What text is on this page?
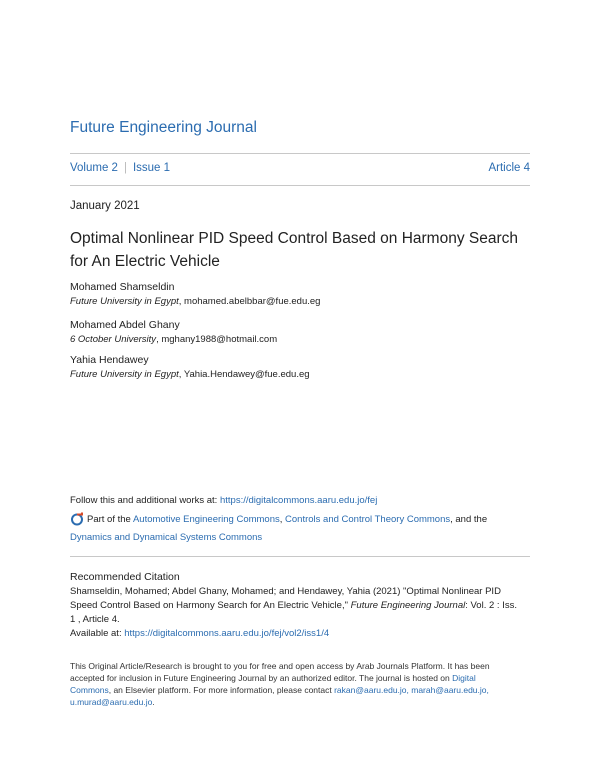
Future Engineering Journal
Volume 2 | Issue 1	Article 4
January 2021
Optimal Nonlinear PID Speed Control Based on Harmony Search
for An Electric Vehicle
Mohamed Shamseldin
Future University in Egypt, mohamed.abelbbar@fue.edu.eg
Mohamed Abdel Ghany
6 October University, mghany1988@hotmail.com
Yahia Hendawey
Future University in Egypt, Yahia.Hendawey@fue.edu.eg
Follow this and additional works at: https://digitalcommons.aaru.edu.jo/fej
Part of the Automotive Engineering Commons, Controls and Control Theory Commons, and the
Dynamics and Dynamical Systems Commons
Recommended Citation
Shamseldin, Mohamed; Abdel Ghany, Mohamed; and Hendawey, Yahia (2021) "Optimal Nonlinear PID
Speed Control Based on Harmony Search for An Electric Vehicle," Future Engineering Journal: Vol. 2 : Iss.
1 , Article 4.
Available at: https://digitalcommons.aaru.edu.jo/fej/vol2/iss1/4
This Original Article/Research is brought to you for free and open access by Arab Journals Platform. It has been
accepted for inclusion in Future Engineering Journal by an authorized editor. The journal is hosted on Digital
Commons, an Elsevier platform. For more information, please contact rakan@aaru.edu.jo, marah@aaru.edu.jo,
u.murad@aaru.edu.jo.
